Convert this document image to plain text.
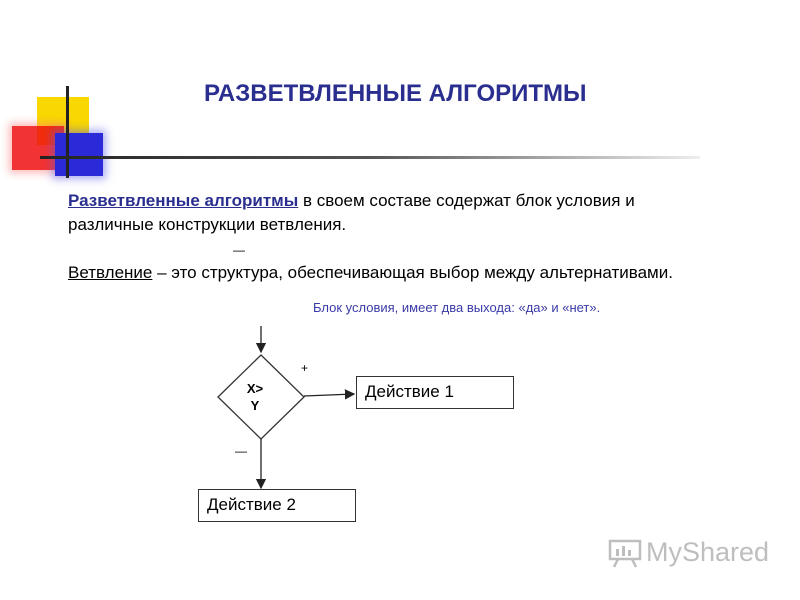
РАЗВЕТВЛЕННЫЕ АЛГОРИТМЫ
Разветвленные алгоритмы в своем составе содержат блок условия и
различные конструкции ветвления.
—
Ветвление – это структура, обеспечивающая выбор между альтернативами.
Блок условия, имеет два выхода: «да» и «нет».
X>
Y
+
—
Действие 1
Действие 2
MyShared
